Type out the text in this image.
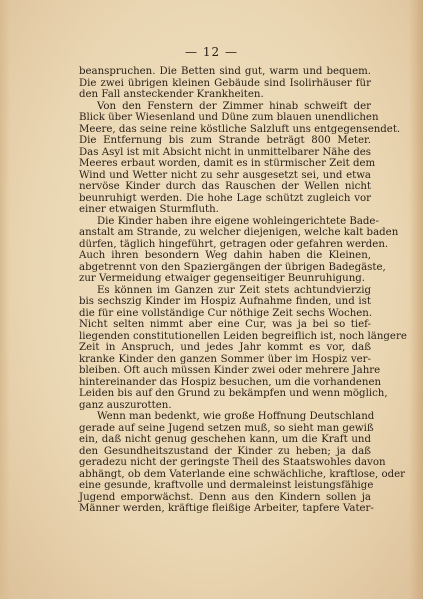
— 12 —
beanspruchen. Die Betten sind gut, warm und bequem.
Die zwei übrigen kleinen Gebäude sind Isolirhäuser für
den Fall ansteckender Krankheiten.
Von den Fenstern der Zimmer hinab schweift der
Blick über Wiesenland und Düne zum blauen unendlichen
Meere, das seine reine köstliche Salzluft uns entgegensendet.
Die Entfernung bis zum Strande beträgt 800 Meter.
Das Asyl ist mit Absicht nicht in unmittelbarer Nähe des
Meeres erbaut worden, damit es in stürmischer Zeit dem
Wind und Wetter nicht zu sehr ausgesetzt sei, und etwa
nervöse Kinder durch das Rauschen der Wellen nicht
beunruhigt werden. Die hohe Lage schützt zugleich vor
einer etwaigen Sturmfluth.
Die Kinder haben ihre eigene wohleingerichtete Bade-
anstalt am Strande, zu welcher diejenigen, welche kalt baden
dürfen, täglich hingeführt, getragen oder gefahren werden.
Auch ihren besondern Weg dahin haben die Kleinen,
abgetrennt von den Spaziergängen der übrigen Badegäste,
zur Vermeidung etwaiger gegenseitiger Beunruhigung.
Es können im Ganzen zur Zeit stets achtundvierzig
bis sechszig Kinder im Hospiz Aufnahme finden, und ist
die für eine vollständige Cur nöthige Zeit sechs Wochen.
Nicht selten nimmt aber eine Cur, was ja bei so tief-
liegenden constitutionellen Leiden begreiflich ist, noch längere
Zeit in Anspruch, und jedes Jahr kommt es vor, daß
kranke Kinder den ganzen Sommer über im Hospiz ver-
bleiben. Oft auch müssen Kinder zwei oder mehrere Jahre
hintereinander das Hospiz besuchen, um die vorhandenen
Leiden bis auf den Grund zu bekämpfen und wenn möglich,
ganz auszurotten.
Wenn man bedenkt, wie große Hoffnung Deutschland
gerade auf seine Jugend setzen muß, so sieht man gewiß
ein, daß nicht genug geschehen kann, um die Kraft und
den Gesundheitszustand der Kinder zu heben; ja daß
geradezu nicht der geringste Theil des Staatswohles davon
abhängt, ob dem Vaterlande eine schwächliche, kraftlose, oder
eine gesunde, kraftvolle und dermaleinst leistungsfähige
Jugend emporwächst. Denn aus den Kindern sollen ja
Männer werden, kräftige fleißige Arbeiter, tapfere Vater-
